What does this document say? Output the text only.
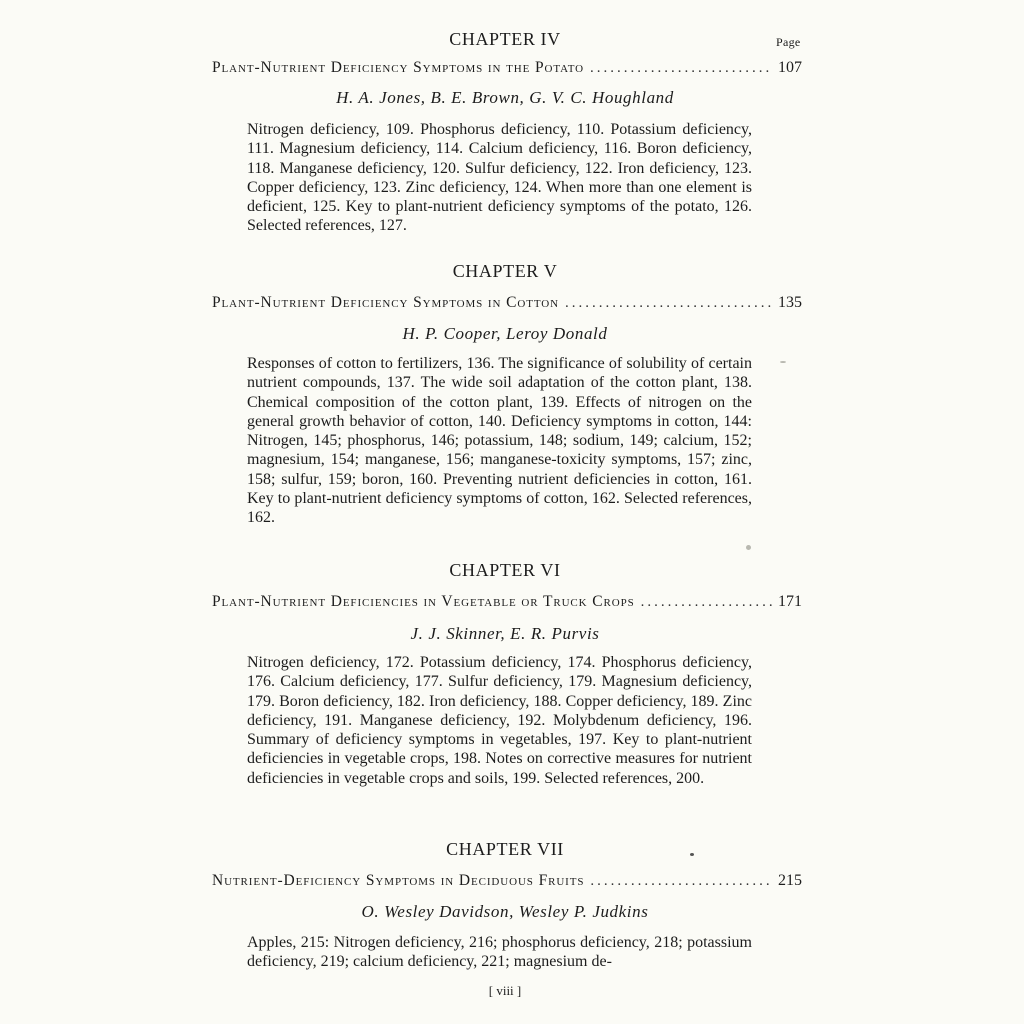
Page
CHAPTER IV
Plant-Nutrient Deficiency Symptoms in the Potato .....	107
H. A. Jones, B. E. Brown, G. V. C. Houghland
Nitrogen deficiency, 109. Phosphorus deficiency, 110. Potassium deficiency, 111. Magnesium deficiency, 114. Calcium deficiency, 116. Boron deficiency, 118. Manganese deficiency, 120. Sulfur deficiency, 122. Iron deficiency, 123. Copper deficiency, 123. Zinc deficiency, 124. When more than one element is deficient, 125. Key to plant-nutrient deficiency symptoms of the potato, 126. Selected references, 127.
CHAPTER V
Plant-Nutrient Deficiency Symptoms in Cotton .....	135
H. P. Cooper, Leroy Donald
Responses of cotton to fertilizers, 136. The significance of solubility of certain nutrient compounds, 137. The wide soil adaptation of the cotton plant, 138. Chemical composition of the cotton plant, 139. Effects of nitrogen on the general growth behavior of cotton, 140. Deficiency symptoms in cotton, 144: Nitrogen, 145; phosphorus, 146; potassium, 148; sodium, 149; calcium, 152; magnesium, 154; manganese, 156; manganese-toxicity symptoms, 157; zinc, 158; sulfur, 159; boron, 160. Preventing nutrient deficiencies in cotton, 161. Key to plant-nutrient deficiency symptoms of cotton, 162. Selected references, 162.
CHAPTER VI
Plant-Nutrient Deficiencies in Vegetable or Truck Crops .....	171
J. J. Skinner, E. R. Purvis
Nitrogen deficiency, 172. Potassium deficiency, 174. Phosphorus deficiency, 176. Calcium deficiency, 177. Sulfur deficiency, 179. Magnesium deficiency, 179. Boron deficiency, 182. Iron deficiency, 188. Copper deficiency, 189. Zinc deficiency, 191. Manganese deficiency, 192. Molybdenum deficiency, 196. Summary of deficiency symptoms in vegetables, 197. Key to plant-nutrient deficiencies in vegetable crops, 198. Notes on corrective measures for nutrient deficiencies in vegetable crops and soils, 199. Selected references, 200.
CHAPTER VII
Nutrient-Deficiency Symptoms in Deciduous Fruits .....	215
O. Wesley Davidson, Wesley P. Judkins
Apples, 215: Nitrogen deficiency, 216; phosphorus deficiency, 218; potassium deficiency, 219; calcium deficiency, 221; magnesium de-
[ viii ]
